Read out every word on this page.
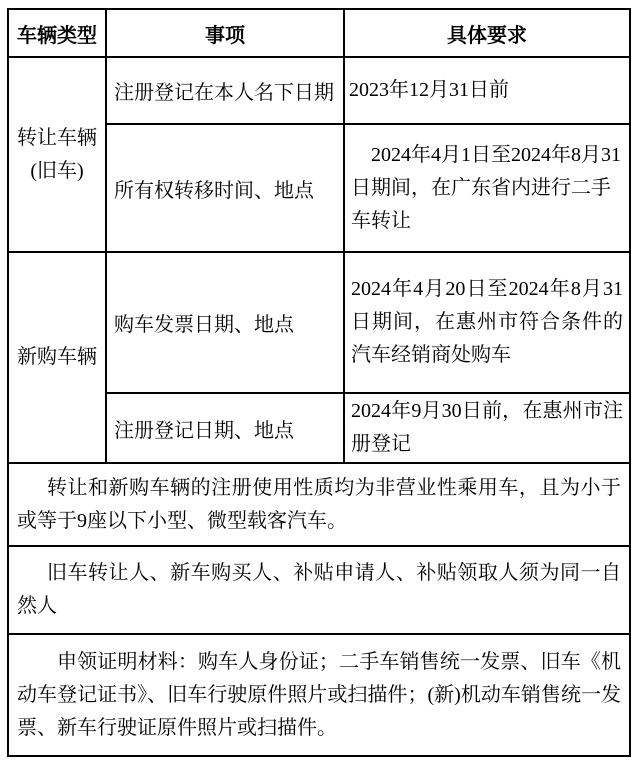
车辆类型	事项	具体要求

转让车辆
(旧车)	注册登记在本人名下日期	2023年12月31日前
	所有权转移时间、地点	2024年4月1日至2024年8月31日期间，在广东省内进行二手车转让

新购车辆	购车发票日期、地点	2024年4月20日至2024年8月31日期间，在惠州市符合条件的汽车经销商处购车
	注册登记日期、地点	2024年9月30日前，在惠州市注册登记
转让和新购车辆的注册使用性质均为非营业性乘用车，且为小于或等于9座以下小型、微型载客汽车。		
旧车转让人、新车购买人、补贴申请人、补贴领取人须为同一自然人		
申领证明材料：购车人身份证；二手车销售统一发票、旧车《机动车登记证书》、旧车行驶原件照片或扫描件；(新)机动车销售统一发票、新车行驶证原件照片或扫描件。		
